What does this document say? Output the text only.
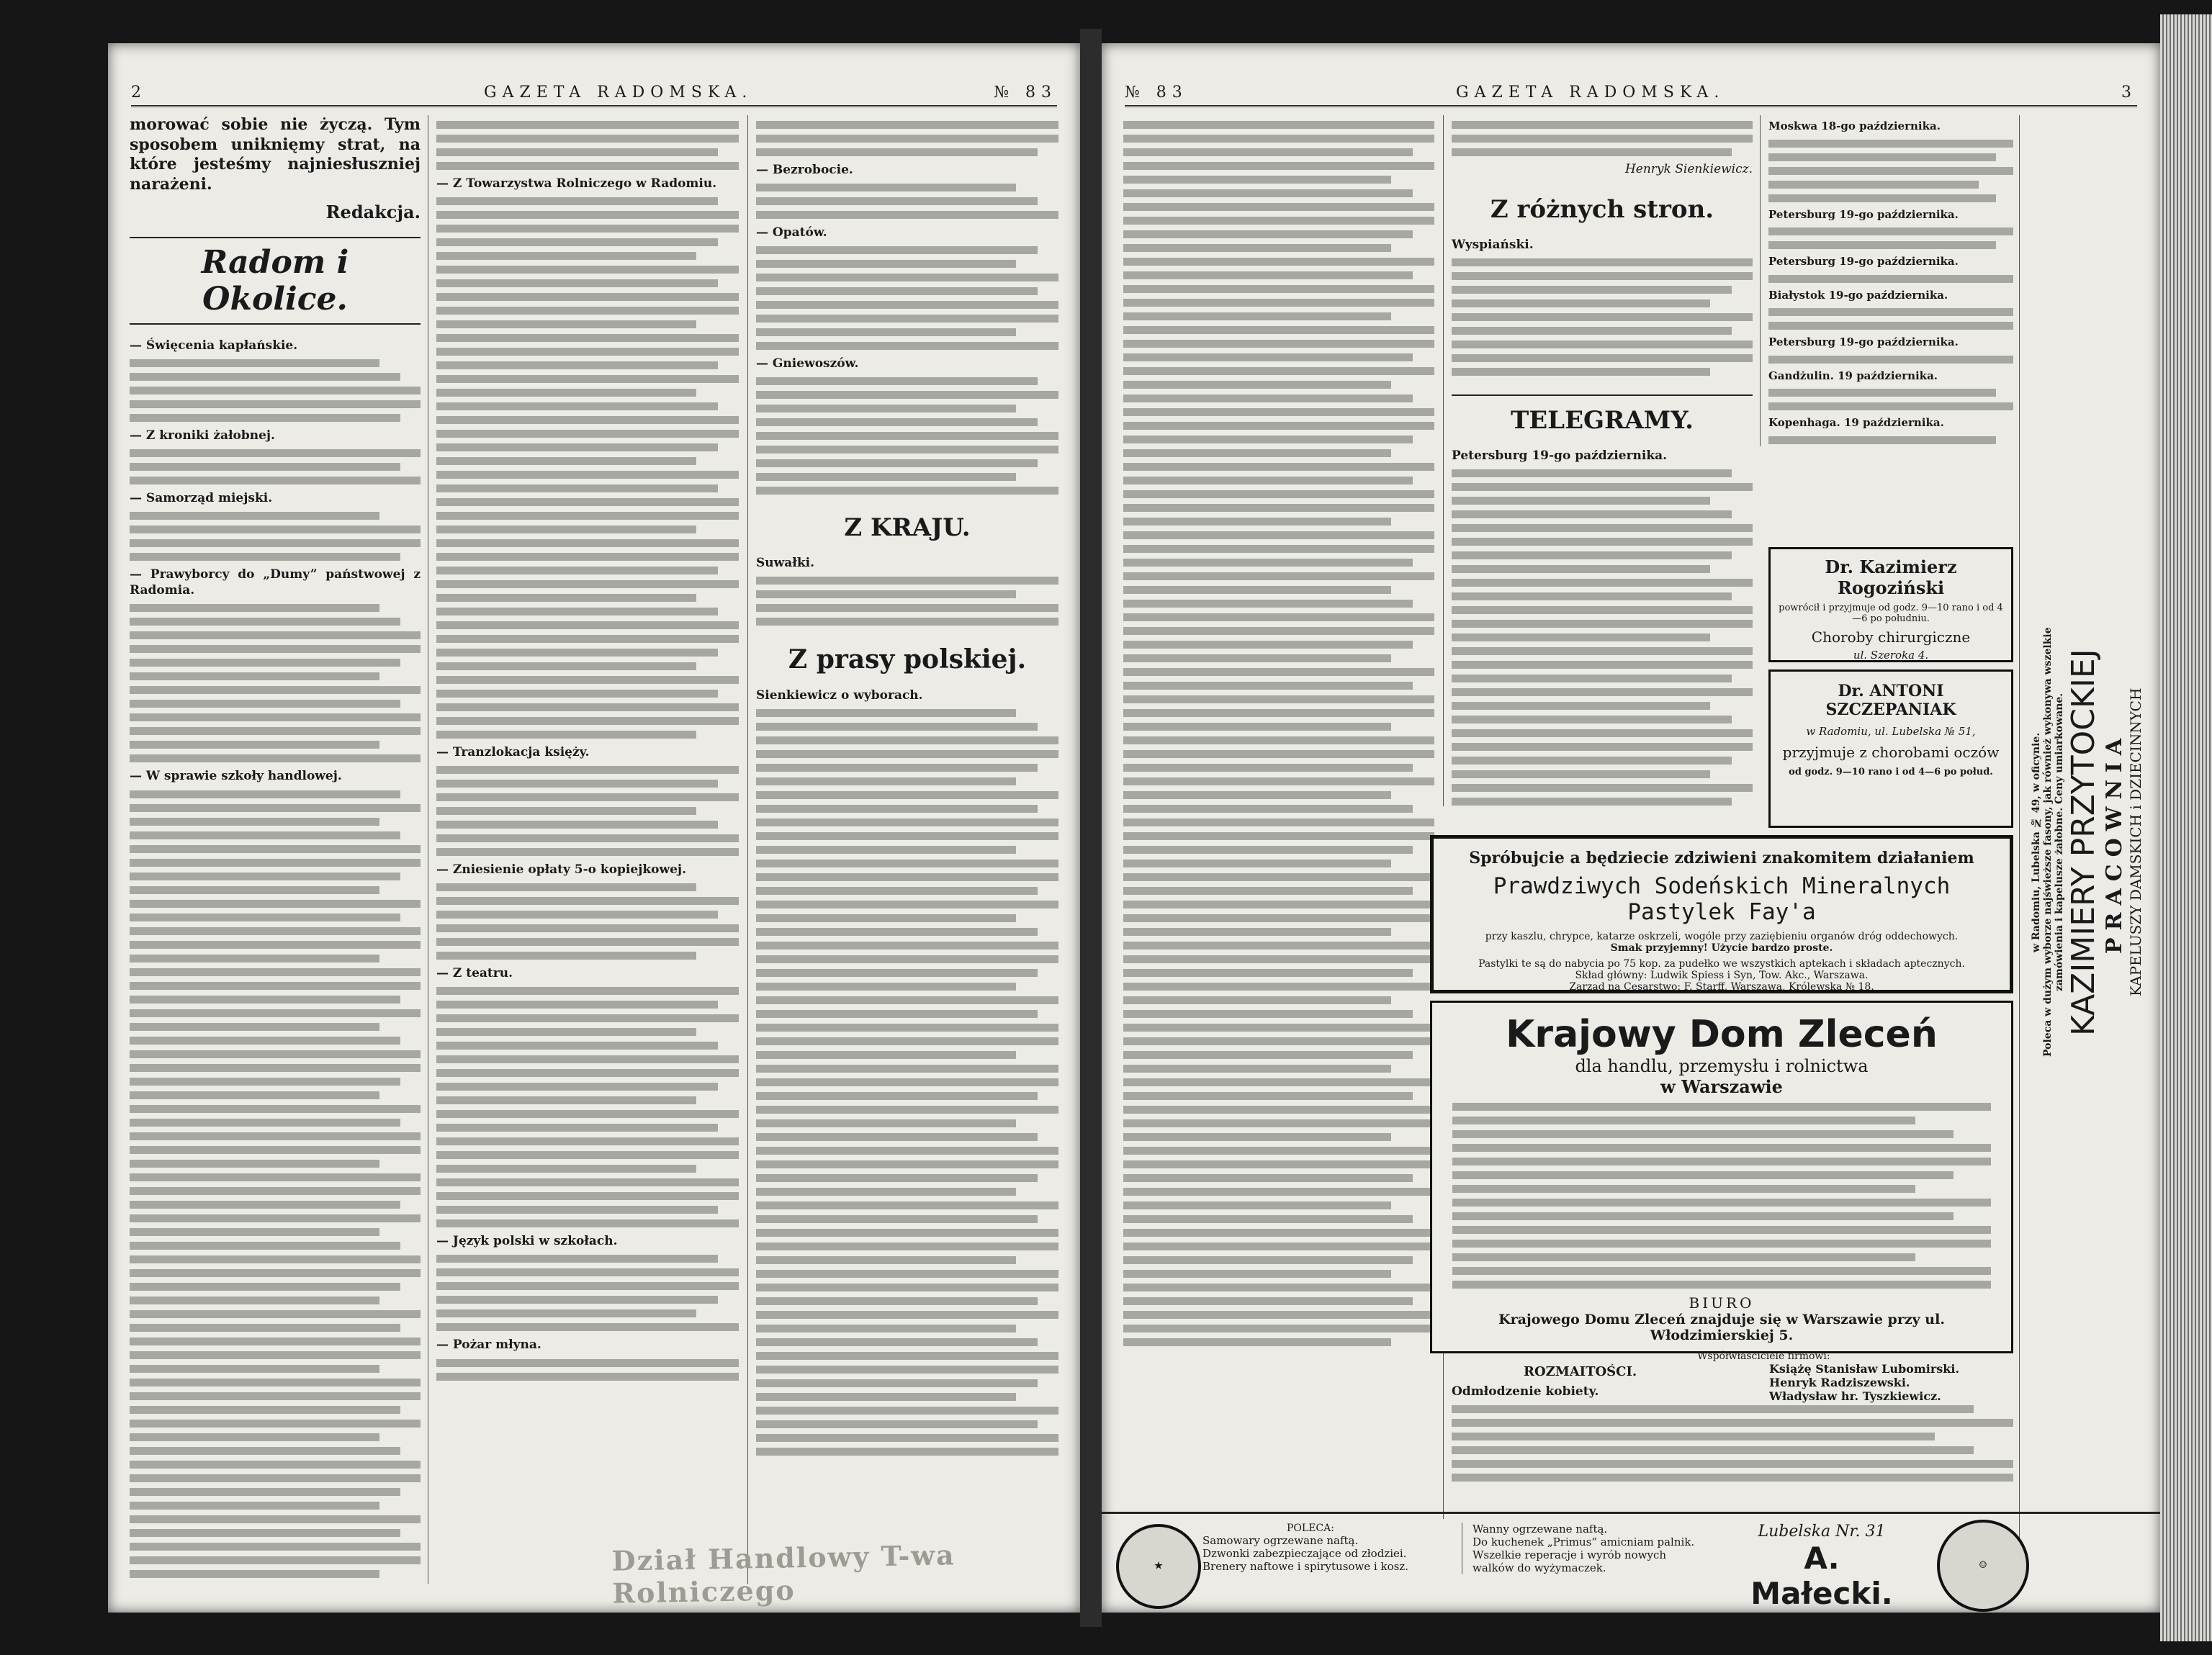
2	GAZETA RADOMSKA.	№ 83

morować sobie nie życzą. Tym sposobem uniknięmy strat, na które jesteśmy najniesłuszniej narażeni.

Redakcja.
Radom i Okolice.
— Święcenia kapłańskie.
— Z kroniki żałobnej.
— Samorząd miejski.
— Prawyborcy do „Dumy” państwowej z Radomia.
— W sprawie szkoły handlowej.
— Z Towarzystwa Rolniczego w Radomiu.
— Tranzlokacja księży.
— Zniesienie opłaty 5-o kopiejkowej.
— Z teatru.
— Język polski w szkołach.
— Pożar młyna.
— Bezrobocie.
— Opatów.
— Gniewoszów.
Z KRAJU.
Suwałki.
Z prasy polskiej.
Sienkiewicz o wyborach.
Dział Handlowy T-wa Rolniczego
№ 83	GAZETA RADOMSKA.	3
Henryk Sienkiewicz.
Z różnych stron.
Wyspiański.
TELEGRAMY.
Petersburg 19-go października.
Moskwa 18-go października.
Petersburg 19-go października.
Petersburg 19-go października.
Białystok 19-go października.
Petersburg 19-go października.
Gandżulin. 19 października.
Kopenhaga. 19 października.
Dr. Kazimierz Rogoziński
powrócił i przyjmuje od godz. 9—10 rano i od 4—6 po południu.
Choroby chirurgiczne
ul. Szeroka 4.
Dr. ANTONI SZCZEPANIAK
w Radomiu, ul. Lubelska № 51,
przyjmuje z chorobami oczów
od godz. 9—10 rano i od 4—6 po połud.
Spróbujcie a będziecie zdziwieni znakomitem działaniem
Prawdziwych Sodeńskich Mineralnych Pastylek Fay'a
przy kaszlu, chrypce, katarze oskrzeli, wogóle przy zaziębieniu organów dróg oddechowych.
Smak przyjemny! Użycie bardzo proste.
Pastylki te są do nabycia po 75 kop. za pudełko we wszystkich aptekach i składach aptecznych.
Skład główny: Ludwik Spiess i Syn, Tow. Akc., Warszawa.
Zarząd na Cesarstwo: F. Starff, Warszawa, Królewska № 18.
Krajowy Dom Zleceń
dla handlu, przemysłu i rolnictwa
w Warszawie
BIURO
Krajowego Domu Zleceń znajduje się w Warszawie przy ul. Włodzimierskiej 5.
Współwłaściciele firmowi:
Książę Stanisław Lubomirski.
Henryk Radziszewski.
Władysław hr. Tyszkiewicz.
ROZMAITOŚCI.
Odmłodzenie kobiety.
w Radomiu, Lubelska № 49, w oficynie. Poleca w dużym wyborze najświeższe fasony, jak również wykonywa wszelkie zamówienia i kapelusze żałobne. Ceny umiarkowane. KAZIMIERY PRZYTOCKIEJ PRACOWNIA KAPELUSZY DAMSKICH i DZIECINNYCH
★
POLECA:
Samowary ogrzewane naftą.
Dzwonki zabezpieczające od złodziei.
Brenery naftowe i spirytusowe i kosz.
Wanny ogrzewane naftą.
Do kuchenek „Primus” amicniam palnik.
Wszelkie reperacje i wyrób nowych walków do wyżymaczek.
Lubelska Nr. 31
A. Małecki.
☺
